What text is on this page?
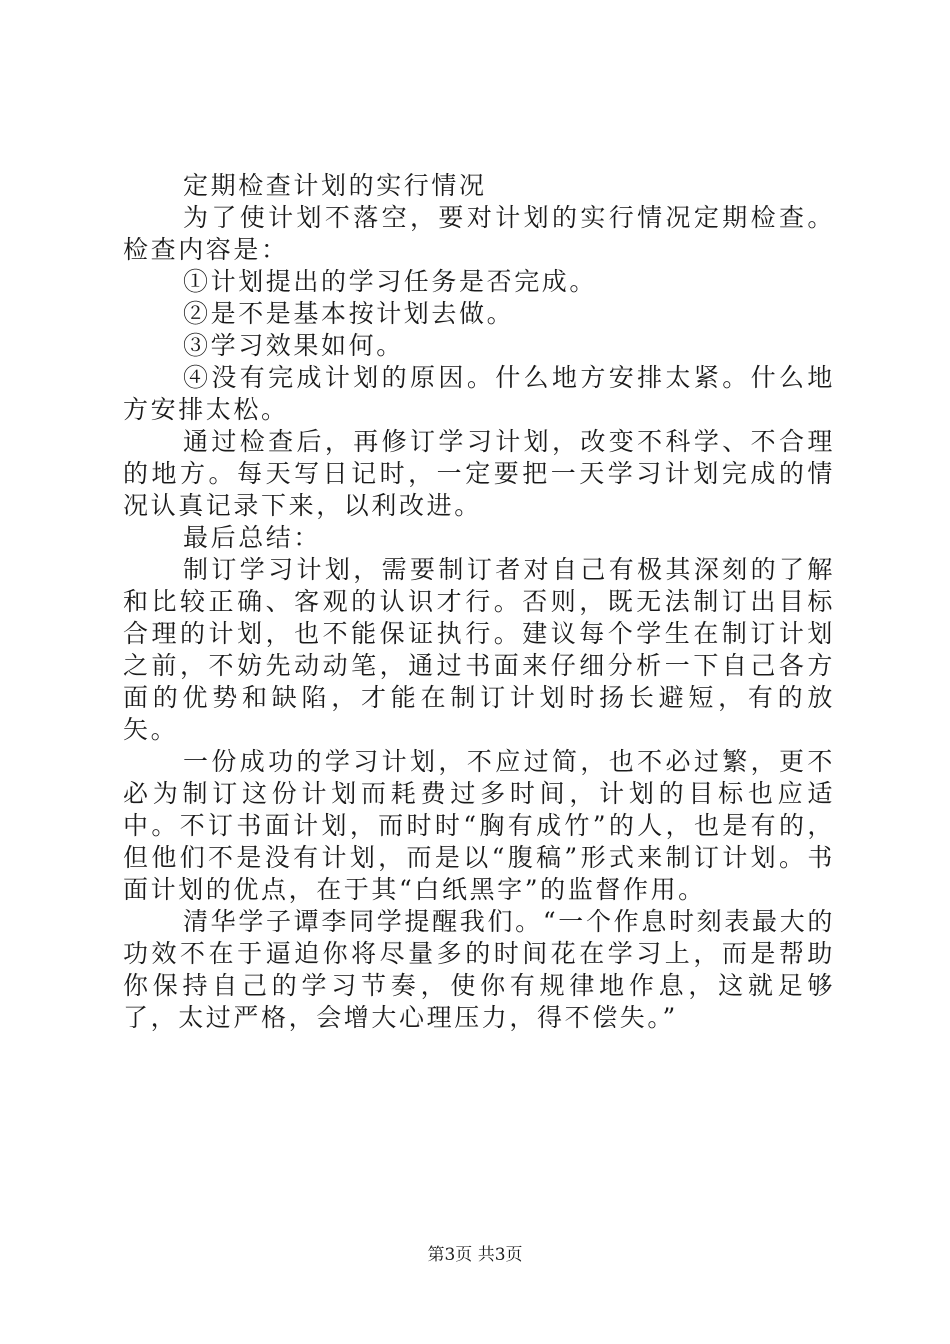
定期检查计划的实行情况

为了使计划不落空，要对计划的实行情况定期检查。检查内容是：

①计划提出的学习任务是否完成。

②是不是基本按计划去做。

③学习效果如何。

④没有完成计划的原因。什么地方安排太紧。什么地方安排太松。

通过检查后，再修订学习计划，改变不科学、不合理的地方。每天写日记时，一定要把一天学习计划完成的情况认真记录下来，以利改进。

最后总结：

制订学习计划，需要制订者对自己有极其深刻的了解和比较正确、客观的认识才行。否则，既无法制订出目标合理的计划，也不能保证执行。建议每个学生在制订计划之前，不妨先动动笔，通过书面来仔细分析一下自己各方面的优势和缺陷，才能在制订计划时扬长避短，有的放矢。

一份成功的学习计划，不应过简，也不必过繁，更不必为制订这份计划而耗费过多时间，计划的目标也应适中。不订书面计划，而时时“胸有成竹”的人，也是有的，但他们不是没有计划，而是以“腹稿”形式来制订计划。书面计划的优点，在于其“白纸黑字”的监督作用。

清华学子谭李同学提醒我们。“一个作息时刻表最大的功效不在于逼迫你将尽量多的时间花在学习上，而是帮助你保持自己的学习节奏，使你有规律地作息，这就足够了，太过严格，会增大心理压力，得不偿失。”

第3页 共3页
